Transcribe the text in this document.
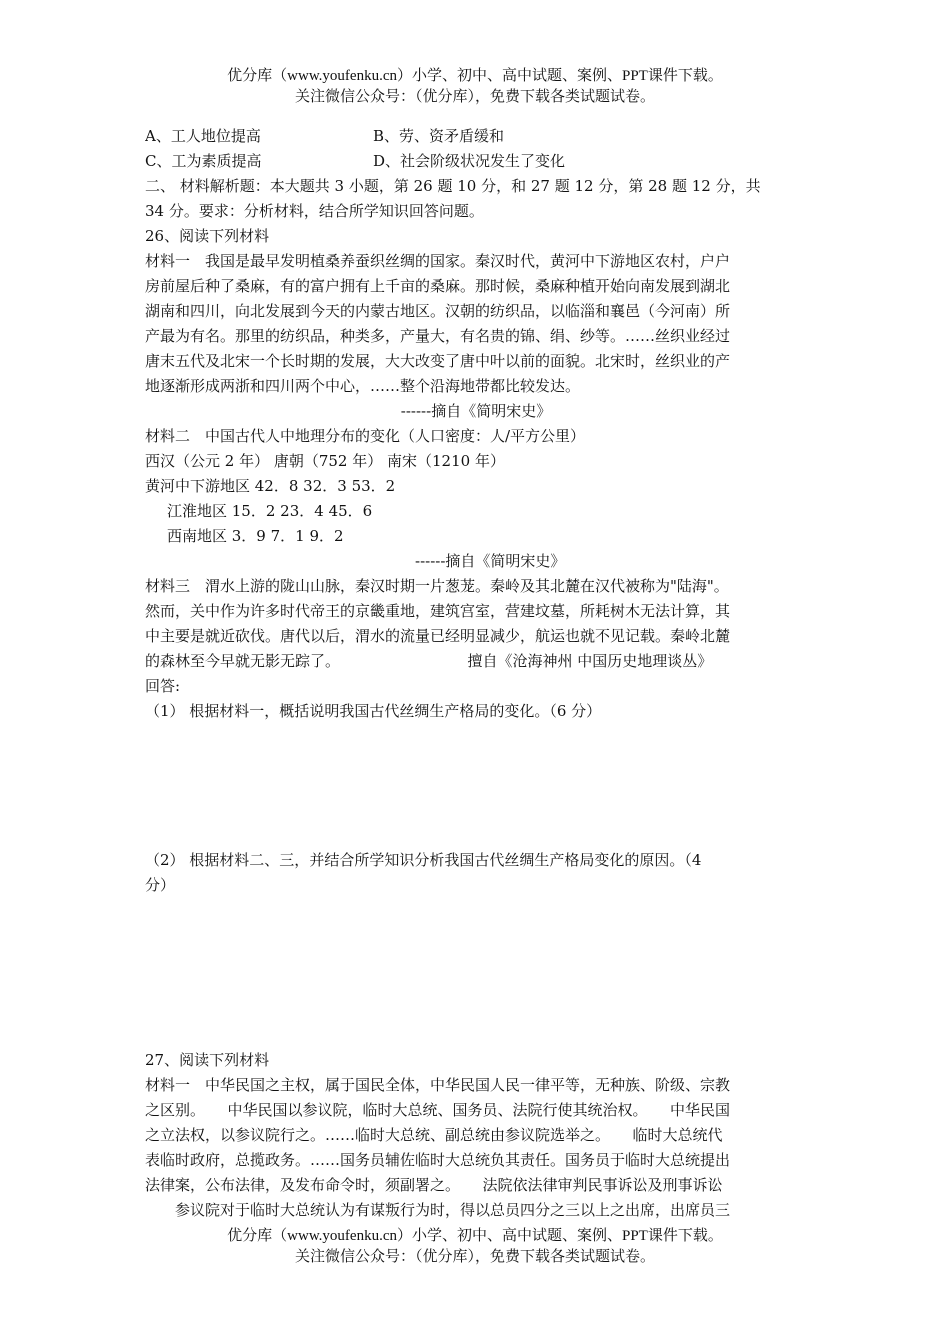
优分库（www.youfenku.cn）小学、初中、高中试题、案例、PPT课件下载。
关注微信公众号：（优分库），免费下载各类试题试卷。
A、工人地位提高	B、劳、资矛盾缓和
C、工为素质提高	D、社会阶级状况发生了变化
二、 材料解析题：本大题共 3 小题，第 26 题 10 分，和 27 题 12 分，第 28 题 12 分，共
34 分。要求：分析材料，结合所学知识回答问题。
26、阅读下列材料
材料一　我国是最早发明植桑养蚕织丝绸的国家。秦汉时代，黄河中下游地区农村，户户
房前屋后种了桑麻，有的富户拥有上千亩的桑麻。那时候，桑麻种植开始向南发展到湖北
湖南和四川，向北发展到今天的内蒙古地区。汉朝的纺织品，以临淄和襄邑（今河南）所
产最为有名。那里的纺织品，种类多，产量大，有名贵的锦、绢、纱等。……丝织业经过
唐末五代及北宋一个长时期的发展，大大改变了唐中叶以前的面貌。北宋时，丝织业的产
地逐渐形成两浙和四川两个中心，……整个沿海地带都比较发达。
------摘自《简明宋史》
材料二　中国古代人中地理分布的变化（人口密度：人/平方公里）
西汉（公元 2 年） 唐朝（752 年） 南宋（1210 年）
黄河中下游地区 42．8 32．3 53．2
江淮地区 15．2 23．4 45．6
西南地区 3．9 7．1 9．2
------摘自《简明宋史》
材料三　渭水上游的陇山山脉，秦汉时期一片葱茏。秦岭及其北麓在汉代被称为"陆海"。
然而，关中作为许多时代帝王的京畿重地，建筑宫室，营建坟墓，所耗树木无法计算，其
中主要是就近砍伐。唐代以后，渭水的流量已经明显减少，航运也就不见记载。秦岭北麓
的森林至今早就无影无踪了。　　　　　　　　　擅自《沧海神州 中国历史地理谈丛》
回答:
（1） 根据材料一，概括说明我国古代丝绸生产格局的变化。（6 分）
（2） 根据材料二、三，并结合所学知识分析我国古代丝绸生产格局变化的原因。（4
分）
27、阅读下列材料
材料一　中华民国之主权，属于国民全体，中华民国人民一律平等，无种族、阶级、宗教
之区别。　　中华民国以参议院，临时大总统、国务员、法院行使其统治权。　　中华民国
之立法权，以参议院行之。……临时大总统、副总统由参议院选举之。　　临时大总统代
表临时政府，总揽政务。……国务员辅佐临时大总统负其责任。国务员于临时大总统提出
法律案，公布法律，及发布命令时，须副署之。　　法院依法律审判民事诉讼及刑事诉讼
　　参议院对于临时大总统认为有谋叛行为时，得以总员四分之三以上之出席，出席员三
优分库（www.youfenku.cn）小学、初中、高中试题、案例、PPT课件下载。
关注微信公众号：（优分库），免费下载各类试题试卷。
